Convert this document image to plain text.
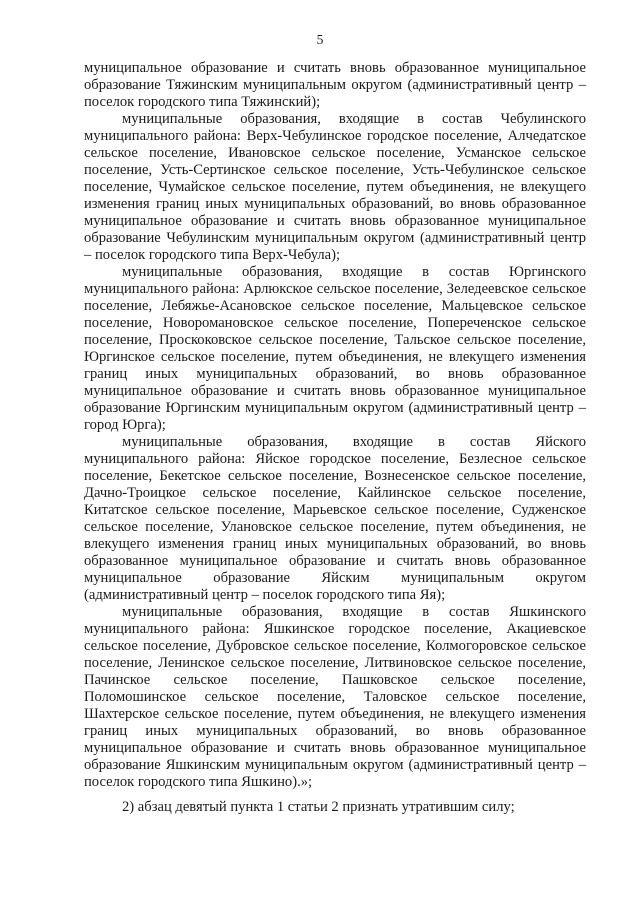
5

муниципальное образование и считать вновь образованное муниципальное образование Тяжинским муниципальным округом (административный центр – поселок городского типа Тяжинский);

муниципальные образования, входящие в состав Чебулинского муниципального района: Верх-Чебулинское городское поселение, Алчедатское сельское поселение, Ивановское сельское поселение, Усманское сельское поселение, Усть-Сертинское сельское поселение, Усть-Чебулинское сельское поселение, Чумайское сельское поселение, путем объединения, не влекущего изменения границ иных муниципальных образований, во вновь образованное муниципальное образование и считать вновь образованное муниципальное образование Чебулинским муниципальным округом (административный центр – поселок городского типа Верх-Чебула);

муниципальные образования, входящие в состав Юргинского муниципального района: Арлюкское сельское поселение, Зеледеевское сельское поселение, Лебяжье-Асановское сельское поселение, Мальцевское сельское поселение, Новоромановское сельское поселение, Попереченское сельское поселение, Проскоковское сельское поселение, Тальское сельское поселение, Юргинское сельское поселение, путем объединения, не влекущего изменения границ иных муниципальных образований, во вновь образованное муниципальное образование и считать вновь образованное муниципальное образование Юргинским муниципальным округом (административный центр – город Юрга);

муниципальные образования, входящие в состав Яйского муниципального района: Яйское городское поселение, Безлесное сельское поселение, Бекетское сельское поселение, Вознесенское сельское поселение, Дачно-Троицкое сельское поселение, Кайлинское сельское поселение, Китатское сельское поселение, Марьевское сельское поселение, Судженское сельское поселение, Улановское сельское поселение, путем объединения, не влекущего изменения границ иных муниципальных образований, во вновь образованное муниципальное образование и считать вновь образованное муниципальное образование Яйским муниципальным округом (административный центр – поселок городского типа Яя);

муниципальные образования, входящие в состав Яшкинского муниципального района: Яшкинское городское поселение, Акациевское сельское поселение, Дубровское сельское поселение, Колмогоровское сельское поселение, Ленинское сельское поселение, Литвиновское сельское поселение, Пачинское сельское поселение, Пашковское сельское поселение, Поломошинское сельское поселение, Таловское сельское поселение, Шахтерское сельское поселение, путем объединения, не влекущего изменения границ иных муниципальных образований, во вновь образованное муниципальное образование и считать вновь образованное муниципальное образование Яшкинским муниципальным округом (административный центр – поселок городского типа Яшкино).»;

2) абзац девятый пункта 1 статьи 2 признать утратившим силу;
